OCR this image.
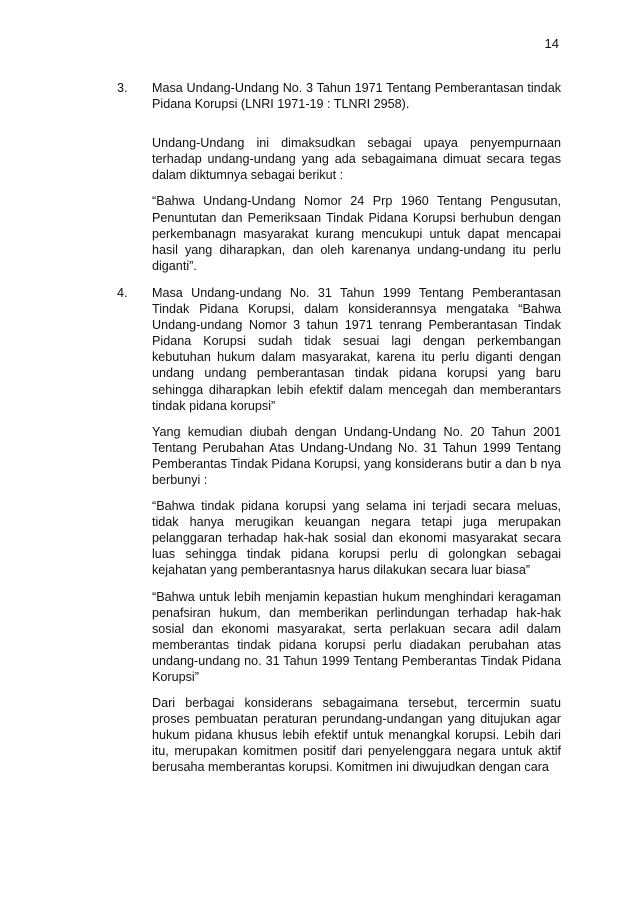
14
3. Masa Undang-Undang No. 3 Tahun 1971 Tentang Pemberantasan tindak Pidana Korupsi (LNRI 1971-19 : TLNRI 2958).

Undang-Undang ini dimaksudkan sebagai upaya penyempurnaan terhadap undang-undang yang ada sebagaimana dimuat secara tegas dalam diktumnya sebagai berikut :

“Bahwa Undang-Undang Nomor 24 Prp 1960 Tentang Pengusutan, Penuntutan dan Pemeriksaan Tindak Pidana Korupsi berhubun dengan perkembanagn masyarakat kurang mencukupi untuk dapat mencapai hasil yang diharapkan, dan oleh karenanya undang-undang itu perlu diganti”.

4. Masa Undang-undang No. 31 Tahun 1999 Tentang Pemberantasan Tindak Pidana Korupsi, dalam konsiderannsya mengataka “Bahwa Undang-undang Nomor 3 tahun 1971 tenrang Pemberantasan Tindak Pidana Korupsi sudah tidak sesuai lagi dengan perkembangan kebutuhan hukum dalam masyarakat, karena itu perlu diganti dengan undang undang pemberantasan tindak pidana korupsi yang baru sehingga diharapkan lebih efektif dalam mencegah dan memberantars tindak pidana korupsi”

Yang kemudian diubah dengan Undang-Undang No. 20 Tahun 2001 Tentang Perubahan Atas Undang-Undang No. 31 Tahun 1999 Tentang Pemberantas Tindak Pidana Korupsi, yang konsiderans butir a dan b nya berbunyi :

“Bahwa tindak pidana korupsi yang selama ini terjadi secara meluas, tidak hanya merugikan keuangan negara tetapi juga merupakan pelanggaran terhadap hak-hak sosial dan ekonomi masyarakat secara luas sehingga tindak pidana korupsi perlu di golongkan sebagai kejahatan yang pemberantasnya harus dilakukan secara luar biasa”

“Bahwa untuk lebih menjamin kepastian hukum menghindari keragaman penafsiran hukum, dan memberikan perlindungan terhadap hak-hak sosial dan ekonomi masyarakat, serta perlakuan secara adil dalam memberantas tindak pidana korupsi perlu diadakan perubahan atas undang-undang no. 31 Tahun 1999 Tentang Pemberantas Tindak Pidana Korupsi”

Dari berbagai konsiderans sebagaimana tersebut, tercermin suatu proses pembuatan peraturan perundang-undangan yang ditujukan agar hukum pidana khusus lebih efektif untuk menangkal korupsi. Lebih dari itu, merupakan komitmen positif dari penyelenggara negara untuk aktif berusaha memberantas korupsi. Komitmen ini diwujudkan dengan cara
